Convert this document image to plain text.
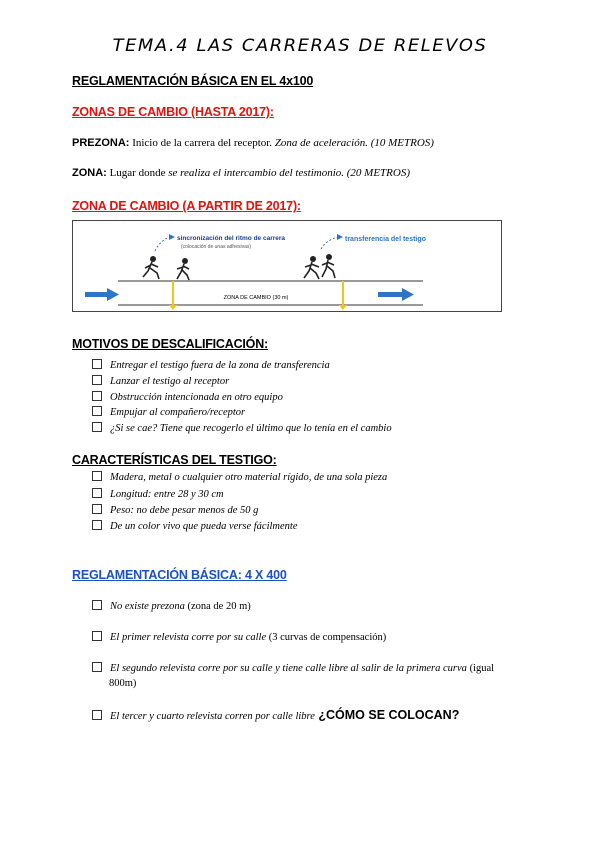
TEMA.4 LAS CARRERAS DE RELEVOS
REGLAMENTACIÓN BÁSICA EN EL 4x100
ZONAS DE CAMBIO (HASTA 2017):
PREZONA: Inicio de la carrera del receptor. Zona de aceleración. (10 METROS)
ZONA: Lugar donde se realiza el intercambio del testimonio. (20 METROS)
ZONA DE CAMBIO (A PARTIR DE 2017):
ZONA DE CAMBIO (30 m)
sincronización del ritmo de carrera
(colocación de unas adhesivas)
transferencia del testigo
MOTIVOS DE DESCALIFICACIÓN:
Entregar el testigo fuera de la zona de transferencia
Lanzar el testigo al receptor
Obstrucción intencionada en otro equipo
Empujar al compañero/receptor
¿Si se cae? Tiene que recogerlo el último que lo tenía en el cambio
CARACTERÍSTICAS DEL TESTIGO:
Madera, metal o cualquier otro material rígido, de una sola pieza
Longitud: entre 28 y 30 cm
Peso: no debe pesar menos de 50 g
De un color vivo que pueda verse fácilmente
REGLAMENTACIÓN BÁSICA: 4 X 400
No existe prezona (zona de 20 m)
El primer relevista corre por su calle (3 curvas de compensación)
El segundo relevista corre por su calle y tiene calle libre al salir de la primera curva (igual
800m)
El tercer y cuarto relevista corren por calle libre ¿CÓMO SE COLOCAN?
